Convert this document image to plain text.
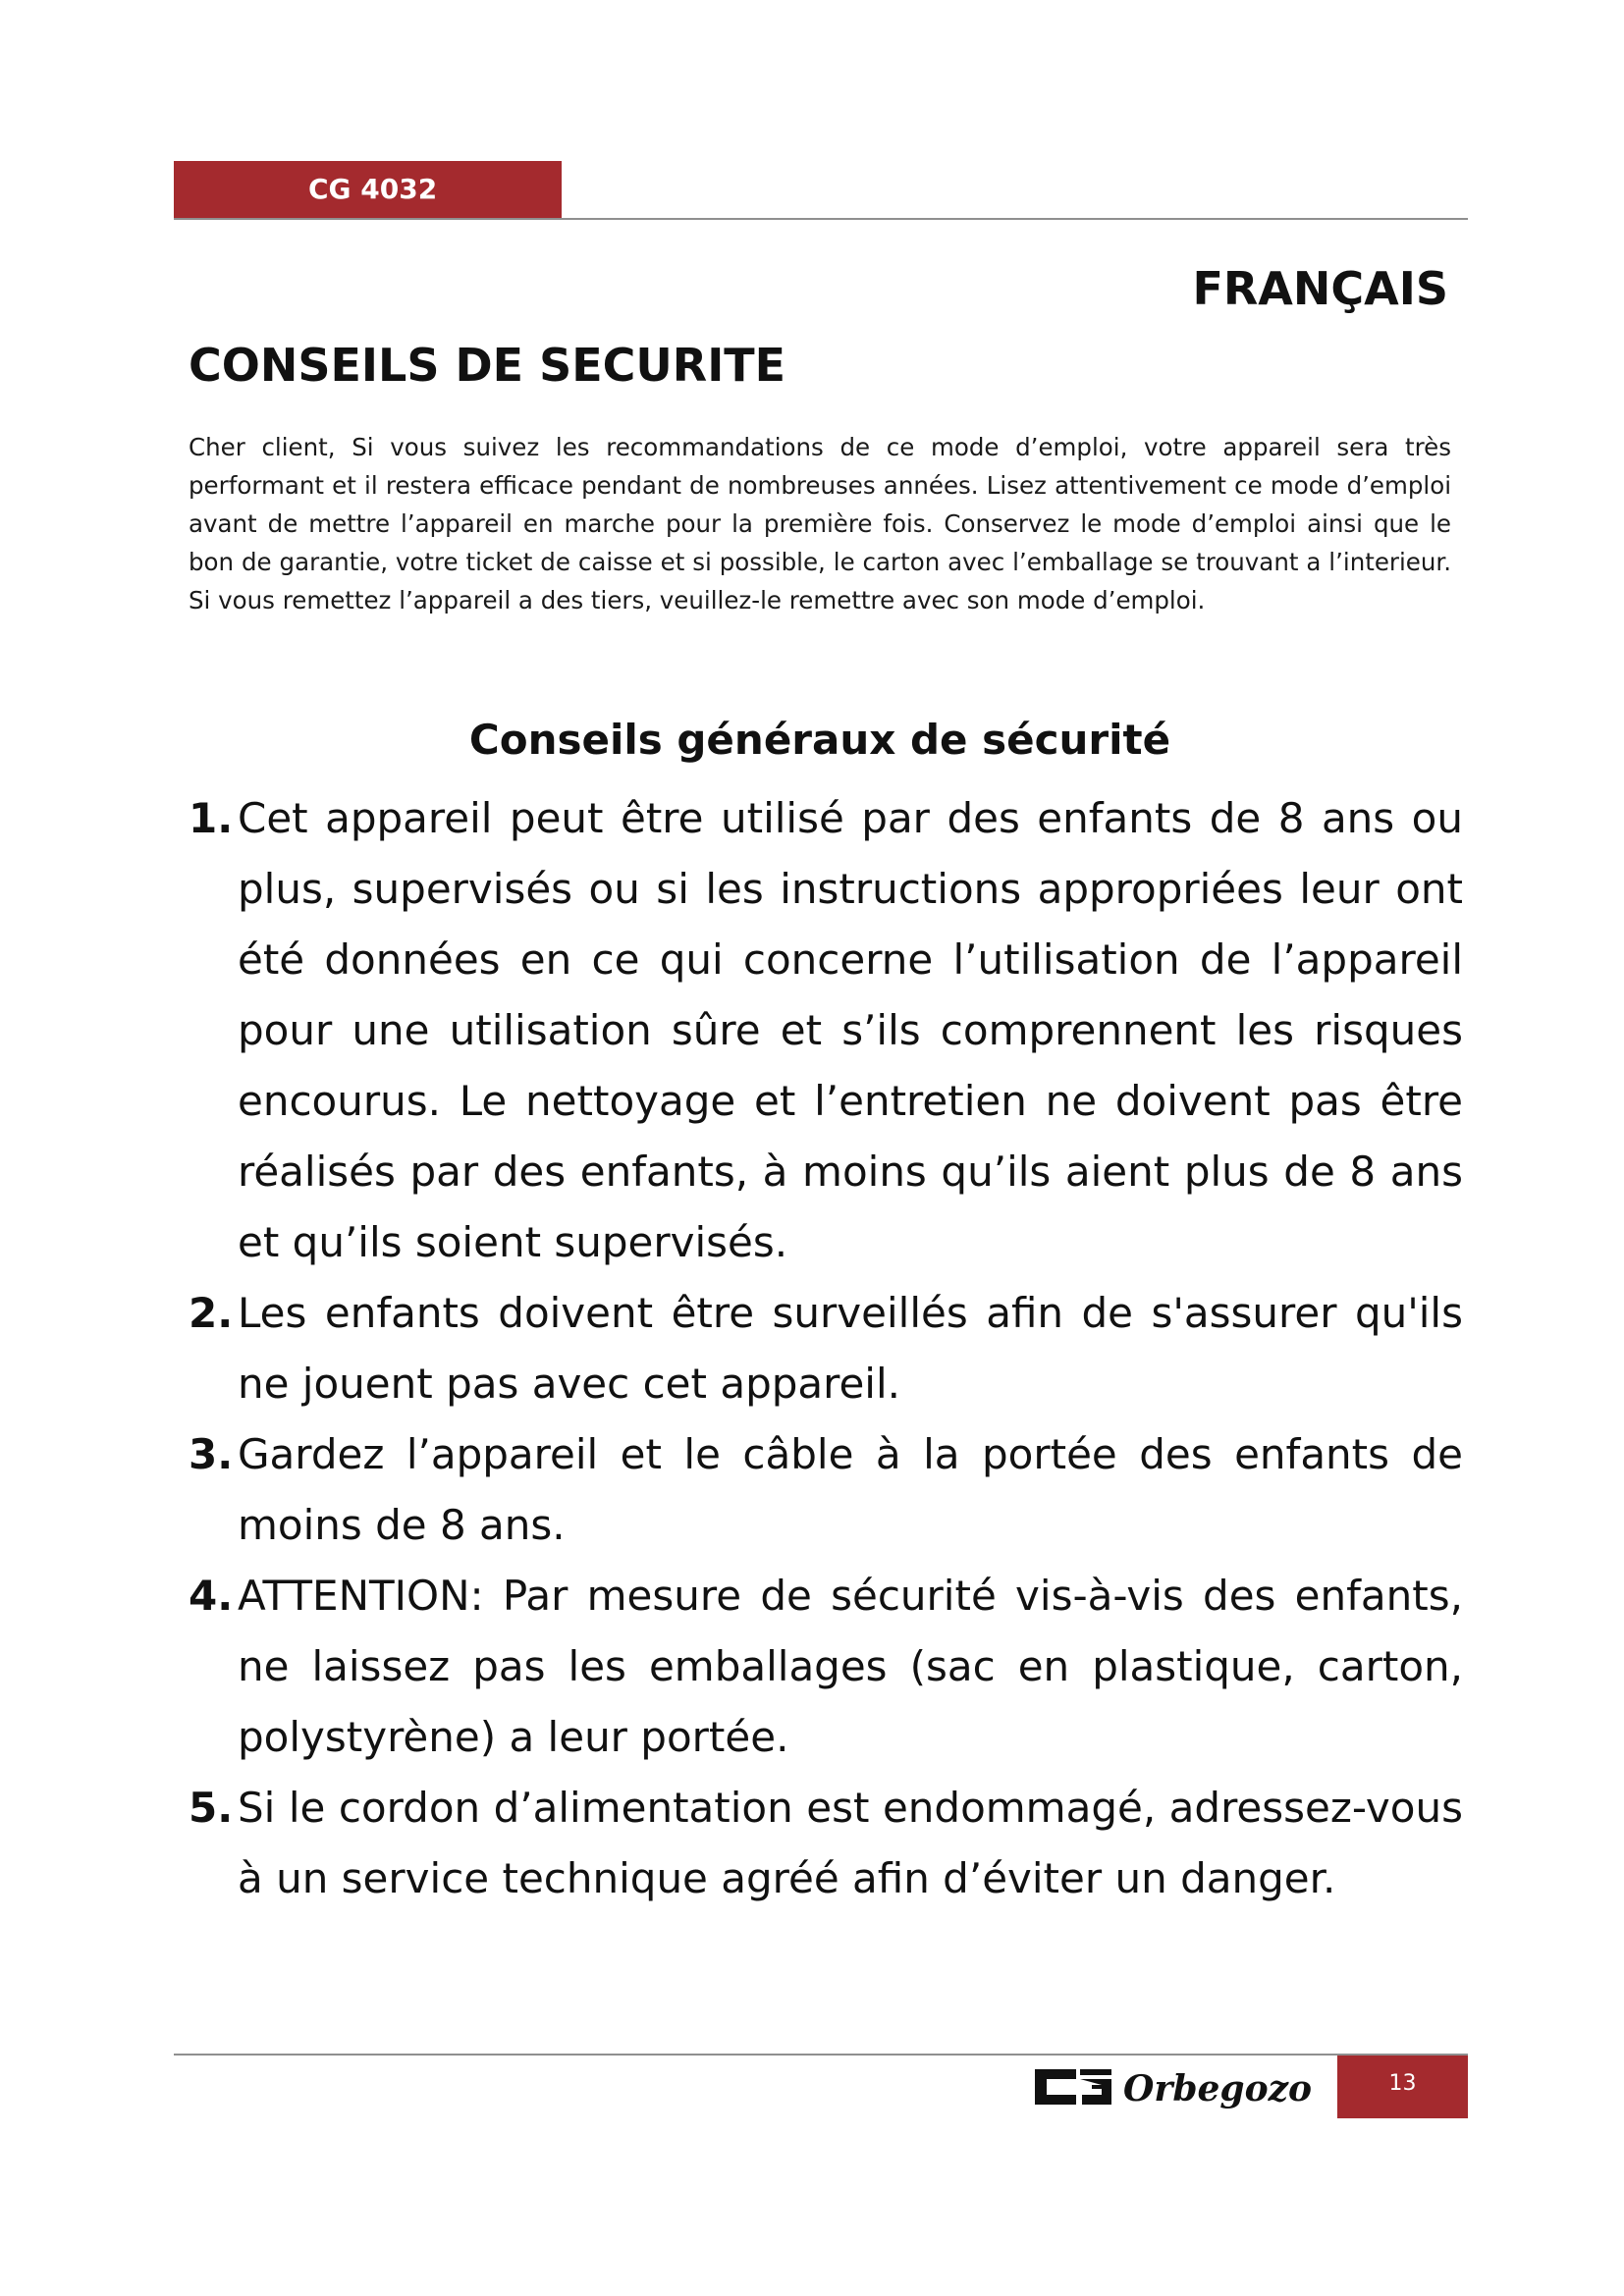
CG 4032
FRANÇAIS
CONSEILS DE SECURITE

Cher client, Si vous suivez les recommandations de ce mode d’emploi, votre appareil sera très performant et il restera efficace pendant de nombreuses années. Lisez attentivement ce mode d’emploi avant de mettre l’appareil en marche pour la première fois. Conservez le mode d’emploi ainsi que le bon de garantie, votre ticket de caisse et si possible, le carton avec l’emballage se trouvant a l’interieur. Si vous remettez l’appareil a des tiers, veuillez-le remettre avec son mode d’emploi.

Conseils généraux de sécurité
1. Cet appareil peut être utilisé par des enfants de 8 ans ou plus, supervisés ou si les instructions appropriées leur ont été données en ce qui concerne l’utilisation de l’appareil pour une utilisation sûre et s’ils comprennent les risques encourus. Le nettoyage et l’entretien ne doivent pas être réalisés par des enfants, à moins qu’ils aient plus de 8 ans et qu’ils soient supervisés.
2. Les enfants doivent être surveillés afin de s'assurer qu'ils ne jouent pas avec cet appareil.
3. Gardez l’appareil et le câble à la portée des enfants de moins de 8 ans.
4. ATTENTION: Par mesure de sécurité vis-à-vis des enfants, ne laissez pas les emballages (sac en plastique, carton, polystyrène) a leur portée.
5. Si le cordon d’alimentation est endommagé, adressez-vous à un service technique agréé afin d’éviter un danger.
Orbegozo	13
